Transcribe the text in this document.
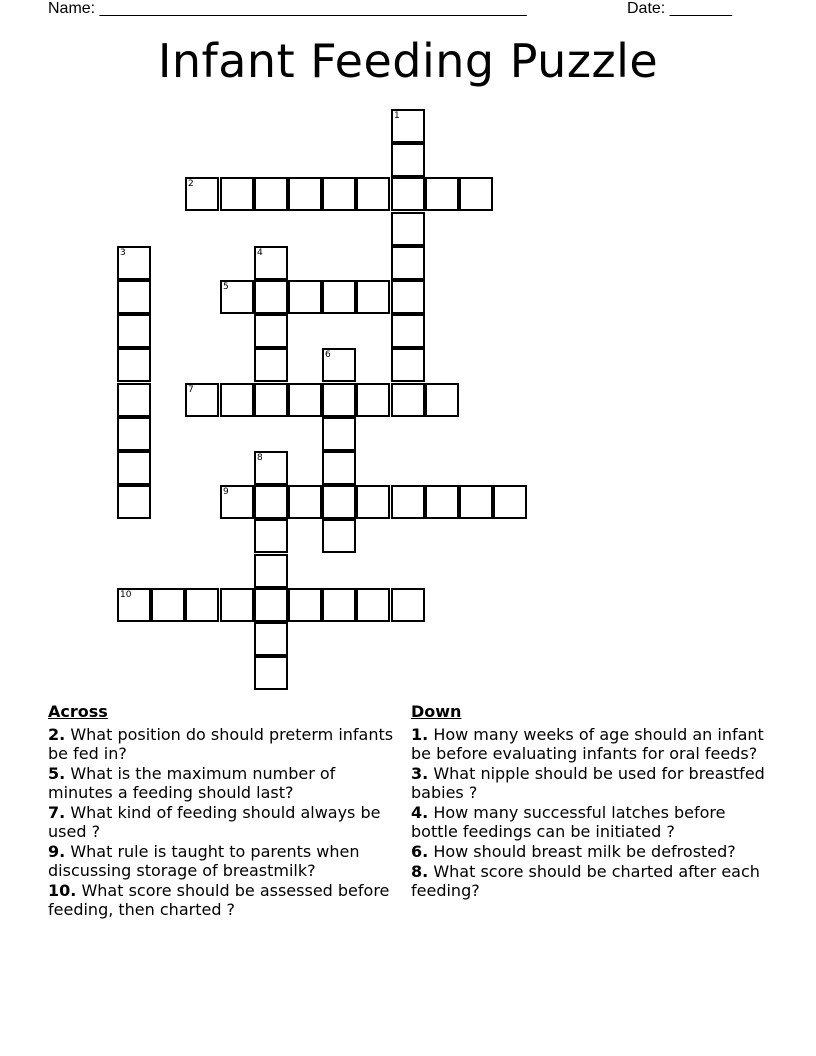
Name: ________________________________________________	Date: _______
Infant Feeding Puzzle
1
2
3	4
5
6
7
8
9
10
Across
2. What position do should preterm infants be fed in?
5. What is the maximum number of minutes a feeding should last?
7. What kind of feeding should always be used ?
9. What rule is taught to parents when discussing storage of breastmilk?
10. What score should be assessed before feeding, then charted ?
Down
1. How many weeks of age should an infant be before evaluating infants for oral feeds?
3. What nipple should be used for breastfed babies ?
4. How many successful latches before bottle feedings can be initiated ?
6. How should breast milk be defrosted?
8. What score should be charted after each feeding?
